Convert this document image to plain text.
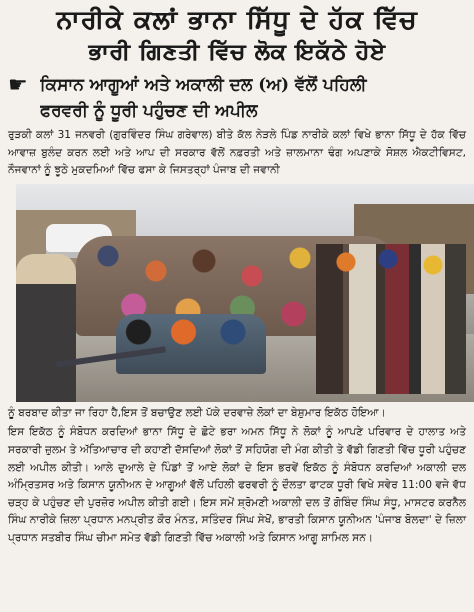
ਨਾਰੀਕੇ ਕਲਾਂ ਭਾਨਾ ਸਿੱਧੂ ਦੇ ਹੱਕ ਵਿੱਚ
ਭਾਰੀ ਗਿਣਤੀ ਵਿੱਚ ਲੋਕ ਇਕੱਠੇ ਹੋਏ
☛ ਕਿਸਾਨ ਆਗੂਆਂ ਅਤੇ ਅਕਾਲੀ ਦਲ (ਅ) ਵੱਲੋਂ ਪਹਿਲੀ
ਫਰਵਰੀ ਨੂੰ ਧੂਰੀ ਪਹੁੰਚਣ ਦੀ ਅਪੀਲ
ਰੁੜਕੀ ਕਲਾਂ 31 ਜਨਵਰੀ (ਗੁਰਵਿੰਦਰ ਸਿੰਘ ਗਰੇਵਾਲ) ਬੀਤੇ ਕੱਲ ਨੇੜਲੇ ਪਿੰਡ ਨਾਰੀਕੇ ਕਲਾਂ ਵਿਖੇ ਭਾਨਾ ਸਿੱਧੂ ਦੇ ਹੱਕ ਵਿੱਚ ਆਵਾਜ਼ ਬੁਲੰਦ ਕਰਨ ਲਈ ਅਤੇ ਆਪ ਦੀ ਸਰਕਾਰ ਵੱਲੋਂ ਨਫ਼ਰਤੀ ਅਤੇ ਜ਼ਾਲਮਾਨਾ ਢੰਗ ਅਪਣਾਕੇ ਸੋਸ਼ਲ ਐਕਟੀਵਿਸਟ, ਨੌਜਵਾਨਾਂ ਨੂੰ ਝੂਠੇ ਮੁਕਦਮਿਆਂ ਵਿੱਚ ਫਸਾ ਕੇ ਜਿਸਤਰ੍ਹਾਂ ਪੰਜਾਬ ਦੀ ਜਵਾਨੀ
ਨੂੰ ਬਰਬਾਦ ਕੀਤਾ ਜਾ ਰਿਹਾ ਹੈ,ਇਸ ਤੋਂ ਬਚਾਉਣ ਲਈ ਪੱਕੇ ਦਰਵਾਜ਼ੇ ਲੋਕਾਂ ਦਾ ਬੇਸ਼ੁਮਾਰ ਇਕੱਠ ਹੋਇਆ।
ਇਸ ਇਕੱਠ ਨੂੰ ਸੰਬੋਧਨ ਕਰਦਿਆਂ ਭਾਨਾ ਸਿੱਧੂ ਦੇ ਛੋਟੇ ਭਰਾ ਅਮਨ ਸਿੱਧੂ ਨੇ ਲੋਕਾਂ ਨੂੰ ਆਪਣੇ ਪਰਿਵਾਰ ਦੇ ਹਾਲਾਤ ਅਤੇ ਸਰਕਾਰੀ ਜ਼ੁਲਮ ਤੇ ਅੱਤਿਆਚਾਰ ਦੀ ਕਹਾਣੀ ਦੱਸਦਿਆਂ ਲੋਕਾਂ ਤੋਂ ਸਹਿਯੋਗ ਦੀ ਮੰਗ ਕੀਤੀ ਤੇ ਵੱਡੀ ਗਿਣਤੀ ਵਿੱਚ ਧੂਰੀ ਪਹੁੰਚਣ ਲਈ ਅਪੀਲ ਕੀਤੀ। ਆਲੇ ਦੁਆਲੇ ਦੇ ਪਿੰਡਾਂ ਤੋਂ ਆਏ ਲੋਕਾਂ ਦੇ ਇਸ ਭਰਵੇਂ ਇਕੱਠ ਨੂੰ ਸੰਬੋਧਨ ਕਰਦਿਆਂ ਅਕਾਲੀ ਦਲ ਅੰਮ੍ਰਿਤਸਰ ਅਤੇ ਕਿਸਾਨ ਯੂਨੀਅਨ ਦੇ ਆਗੂਆਂ ਵੱਲੋਂ ਪਹਿਲੀ ਫਰਵਰੀ ਨੂੰ ਦੌਲਤਾ ਫਾਟਕ ਧੂਰੀ ਵਿਖੇ ਸਵੇਰ 11:00 ਵਜੇ ਵੱਧ ਚੜ੍ਹ ਕੇ ਪਹੁੰਚਣ ਦੀ ਪੁਰਜ਼ੋਰ ਅਪੀਲ ਕੀਤੀ ਗਈ। ਇਸ ਸਮੇਂ ਸ਼੍ਰੋਮਣੀ ਅਕਾਲੀ ਦਲ ਤੋਂ ਗੋਬਿੰਦ ਸਿੰਘ ਸੰਧੂ, ਮਾਸਟਰ ਕਰਨੈਲ ਸਿੰਘ ਨਾਰੀਕੇ ਜ਼ਿਲਾ ਪ੍ਰਧਾਨ ਮਨਪ੍ਰੀਤ ਕੌਰ ਮੰਨਤ, ਸਤਿੰਦਰ ਸਿੰਘ ਸੇਖੋਂ, ਭਾਰਤੀ ਕਿਸਾਨ ਯੂਨੀਅਨ 'ਪੰਜਾਬ ਬੋਲਦਾ' ਦੇ ਜ਼ਿਲਾ ਪ੍ਰਧਾਨ ਸਤਬੀਰ ਸਿੰਘ ਚੀਮਾ ਸਮੇਤ ਵੱਡੀ ਗਿਣਤੀ ਵਿੱਚ ਅਕਾਲੀ ਅਤੇ ਕਿਸਾਨ ਆਗੂ ਸ਼ਾਮਿਲ ਸਨ।
